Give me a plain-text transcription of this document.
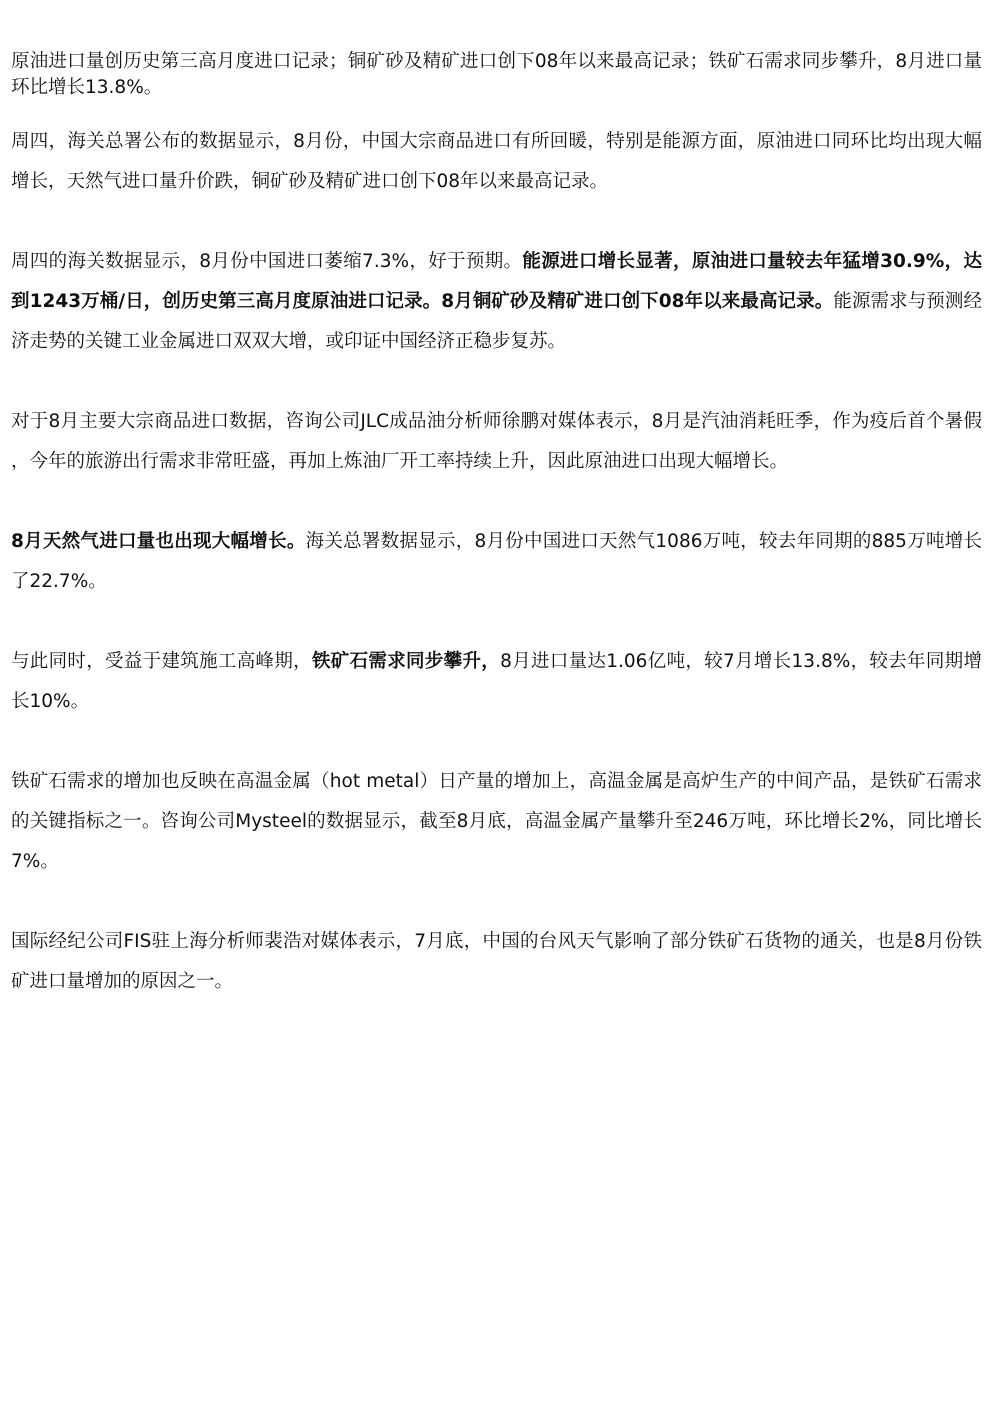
原油进口量创历史第三高月度进口记录；铜矿砂及精矿进口创下08年以来最高记录；铁矿石需求同步攀升，8月进口量环比增长13.8%。

周四，海关总署公布的数据显示，8月份，中国大宗商品进口有所回暖，特别是能源方面，原油进口同环比均出现大幅增长，天然气进口量升价跌，铜矿砂及精矿进口创下08年以来最高记录。

周四的海关数据显示，8月份中国进口萎缩7.3%，好于预期。能源进口增长显著，原油进口量较去年猛增30.9%，达到1243万桶/日，创历史第三高月度原油进口记录。8月铜矿砂及精矿进口创下08年以来最高记录。能源需求与预测经济走势的关键工业金属进口双双大增，或印证中国经济正稳步复苏。

对于8月主要大宗商品进口数据，咨询公司JLC成品油分析师徐鹏对媒体表示，8月是汽油消耗旺季，作为疫后首个暑假，今年的旅游出行需求非常旺盛，再加上炼油厂开工率持续上升，因此原油进口出现大幅增长。

8月天然气进口量也出现大幅增长。海关总署数据显示，8月份中国进口天然气1086万吨，较去年同期的885万吨增长了22.7%。

与此同时，受益于建筑施工高峰期，铁矿石需求同步攀升，8月进口量达1.06亿吨，较7月增长13.8%，较去年同期增长10%。

铁矿石需求的增加也反映在高温金属（hot metal）日产量的增加上，高温金属是高炉生产的中间产品，是铁矿石需求的关键指标之一。咨询公司Mysteel的数据显示，截至8月底，高温金属产量攀升至246万吨，环比增长2%，同比增长7%。

国际经纪公司FIS驻上海分析师裴浩对媒体表示，7月底，中国的台风天气影响了部分铁矿石货物的通关，也是8月份铁矿进口量增加的原因之一。
